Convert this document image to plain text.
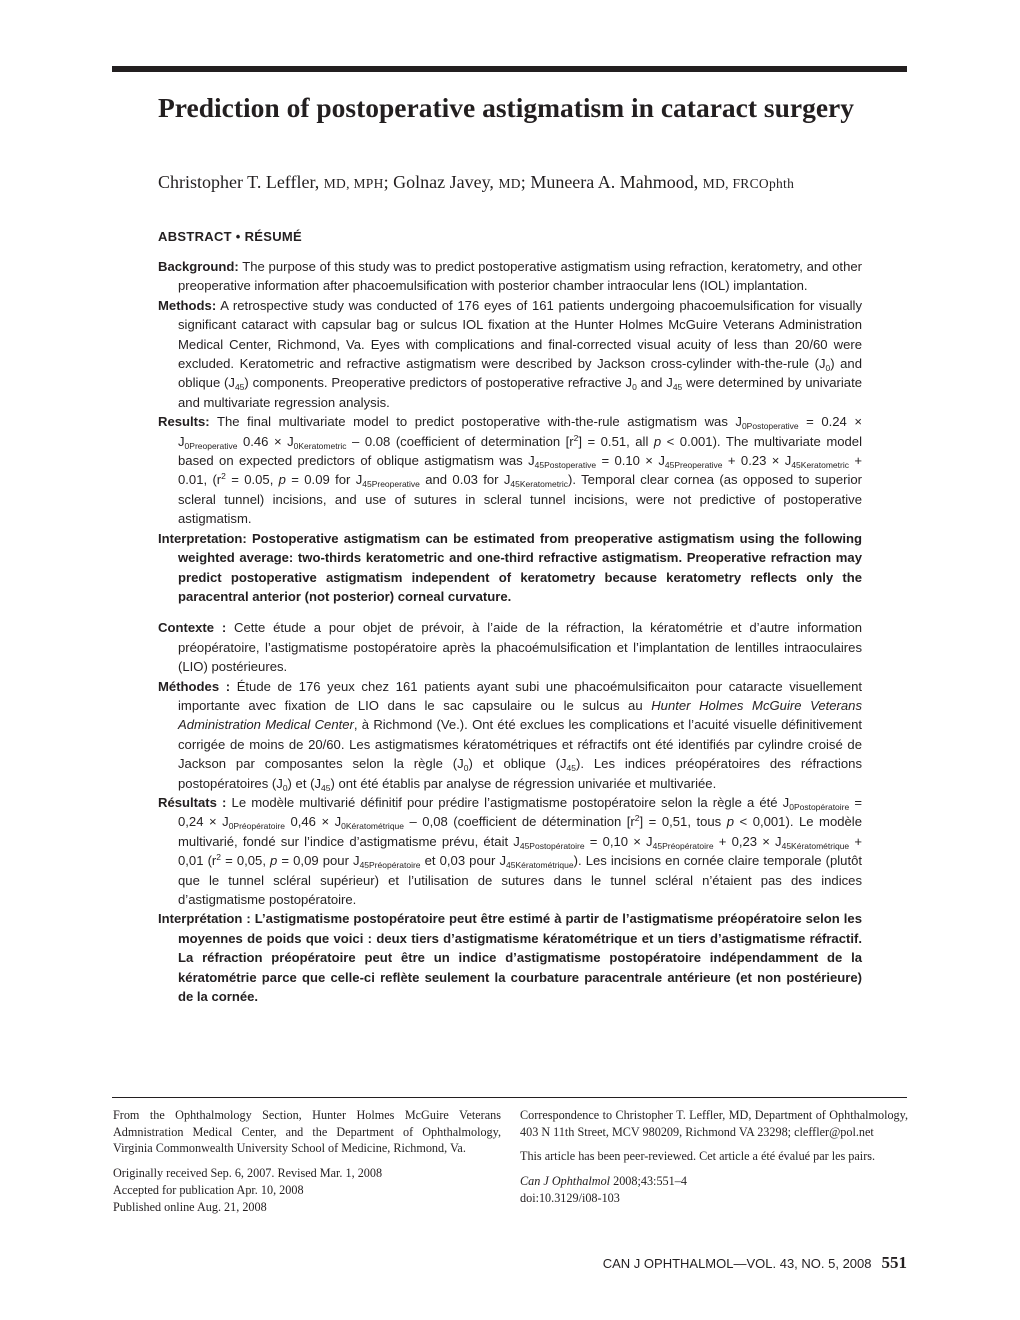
Prediction of postoperative astigmatism in cataract surgery
Christopher T. Leffler, MD, MPH; Golnaz Javey, MD; Muneera A. Mahmood, MD, FRCOphth
ABSTRACT • RÉSUMÉ

Background: The purpose of this study was to predict postoperative astigmatism using refraction, keratometry, and other preoperative information after phacoemulsification with posterior chamber intraocular lens (IOL) implantation.

Methods: A retrospective study was conducted of 176 eyes of 161 patients undergoing phacoemulsification for visually significant cataract with capsular bag or sulcus IOL fixation at the Hunter Holmes McGuire Veterans Administration Medical Center, Richmond, Va. Eyes with complications and final-corrected visual acuity of less than 20/60 were excluded. Keratometric and refractive astigmatism were described by Jackson cross-cylinder with-the-rule $(J_0)$ and oblique $(J_{45})$ components. Preoperative predictors of postoperative refractive $J_0$ and $J_{45}$ were determined by univariate and multivariate regression analysis.

Results: The final multivariate model to predict postoperative with-the-rule astigmatism was $J_{0Postoperative} = 0.24 \times J_{0Preoperative}$ $0.46 \times J_{0Keratometric} - 0.08$ (coefficient of determination $[r^2] = 0.51$, all p < 0.001). The multivariate model based on expected predictors of oblique astigmatism was $J_{45Postoperative} = 0.10 \times J_{45Preoperative} + 0.23 \times J_{45Keratometric} + 0.01$, ($r^2 = 0.05$, p = 0.09 for $J_{45Preoperative}$ and 0.03 for $J_{45Keratometric}$). Temporal clear cornea (as opposed to superior scleral tunnel) incisions, and use of sutures in scleral tunnel incisions, were not predictive of postoperative astigmatism.

Interpretation: Postoperative astigmatism can be estimated from preoperative astigmatism using the following weighted average: two-thirds keratometric and one-third refractive astigmatism. Preoperative refraction may predict postoperative astigmatism independent of keratometry because keratometry reflects only the paracentral anterior (not posterior) corneal curvature.

Contexte : Cette étude a pour objet de prévoir, à l’aide de la réfraction, la kératométrie et d’autre information préopératoire, l’astigmatisme postopératoire après la phacoémulsification et l’implantation de lentilles intraoculaires (LIO) postérieures.

Méthodes : Étude de 176 yeux chez 161 patients ayant subi une phacoémulsificaiton pour cataracte visuellement importante avec fixation de LIO dans le sac capsulaire ou le sulcus au Hunter Holmes McGuire Veterans Administration Medical Center, à Richmond (Ve.). Ont été exclues les complications et l’acuité visuelle définitivement corrigée de moins de 20/60. Les astigmatismes kératométriques et réfractifs ont été identifiés par cylindre croisé de Jackson par composantes selon la règle $(J_0)$ et oblique $(J_{45})$. Les indices préopératoires des réfractions postopératoires $(J_0)$ et $(J_{45})$ ont été établis par analyse de régression univariée et multivariée.

Résultats : Le modèle multivarié définitif pour prédire l’astigmatisme postopératoire selon la règle a été $J_{0Postopératoire} = 0,24 \times J_{0Préopératoire}$ $0,46 \times J_{0Kératométrique} - 0,08$ (coefficient de détermination $[r^2] = 0,51$, tous p < 0,001). Le modèle multivarié, fondé sur l’indice d’astigmatisme prévu, était $J_{45Postopératoire} = 0,10 \times J_{45Préopératoire} + 0,23 \times J_{45Kératométrique} + 0,01$ ($r^2 = 0,05$, p = 0,09 pour $J_{45Préopératoire}$ et 0,03 pour $J_{45Kératométrique}$). Les incisions en cornée claire temporale (plutôt que le tunnel scléral supérieur) et l’utilisation de sutures dans le tunnel scléral n’étaient pas des indices d’astigmatisme postopératoire.

Interprétation : L’astigmatisme postopératoire peut être estimé à partir de l’astigmatisme préopératoire selon les moyennes de poids que voici : deux tiers d’astigmatisme kératométrique et un tiers d’astigmatisme réfractif. La réfraction préopératoire peut être un indice d’astigmatisme postopératoire indépendamment de la kératométrie parce que celle-ci reflète seulement la courbature paracentrale antérieure (et non postérieure) de la cornée.

From the Ophthalmology Section, Hunter Holmes McGuire Veterans Admnistration Medical Center, and the Department of Ophthalmology, Virginia Commonwealth University School of Medicine, Richmond, Va.

Originally received Sep. 6, 2007. Revised Mar. 1, 2008

Accepted for publication Apr. 10, 2008

Published online Aug. 21, 2008

Correspondence to Christopher T. Leffler, MD, Department of Ophthalmology, 403 N 11th Street, MCV 980209, Richmond VA 23298; cleffler@pol.net

This article has been peer-reviewed. Cet article a été évalué par les pairs.

Can J Ophthalmol 2008;43:551–4

doi:10.3129/i08-103

CAN J OPHTHALMOL—VOL. 43, NO. 5, 2008 551
